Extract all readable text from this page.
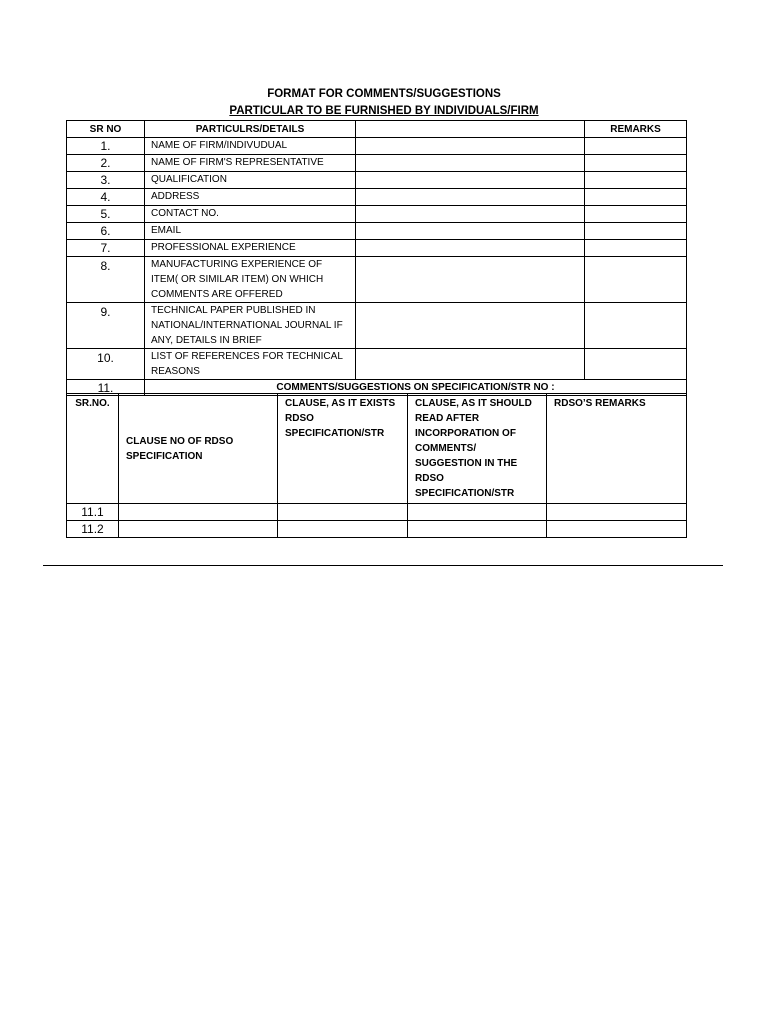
FORMAT FOR COMMENTS/SUGGESTIONS
PARTICULAR TO BE FURNISHED BY INDIVIDUALS/FIRM
SR NO	PARTICULRS/DETAILS		REMARKS
1.	NAME OF FIRM/INDIVUDUAL		
2.	NAME OF FIRM'S REPRESENTATIVE		
3.	QUALIFICATION		
4.	ADDRESS		
5.	CONTACT NO.		
6.	EMAIL		
7.	PROFESSIONAL EXPERIENCE		
8.	MANUFACTURING EXPERIENCE OF ITEM( OR SIMILAR ITEM) ON WHICH COMMENTS ARE OFFERED		
9.	TECHNICAL PAPER PUBLISHED IN NATIONAL/INTERNATIONAL JOURNAL IF ANY, DETAILS IN BRIEF		
10.	LIST OF REFERENCES FOR TECHNICAL REASONS		
11.	COMMENTS/SUGGESTIONS ON SPECIFICATION/STR NO :		
SR.NO.	CLAUSE NO OF RDSO SPECIFICATION	CLAUSE, AS IT EXISTS RDSO SPECIFICATION/STR	CLAUSE, AS IT SHOULD READ AFTER INCORPORATION OF COMMENTS/ SUGGESTION IN THE RDSO SPECIFICATION/STR	RDSO’S REMARKS
11.1				
11.2				
